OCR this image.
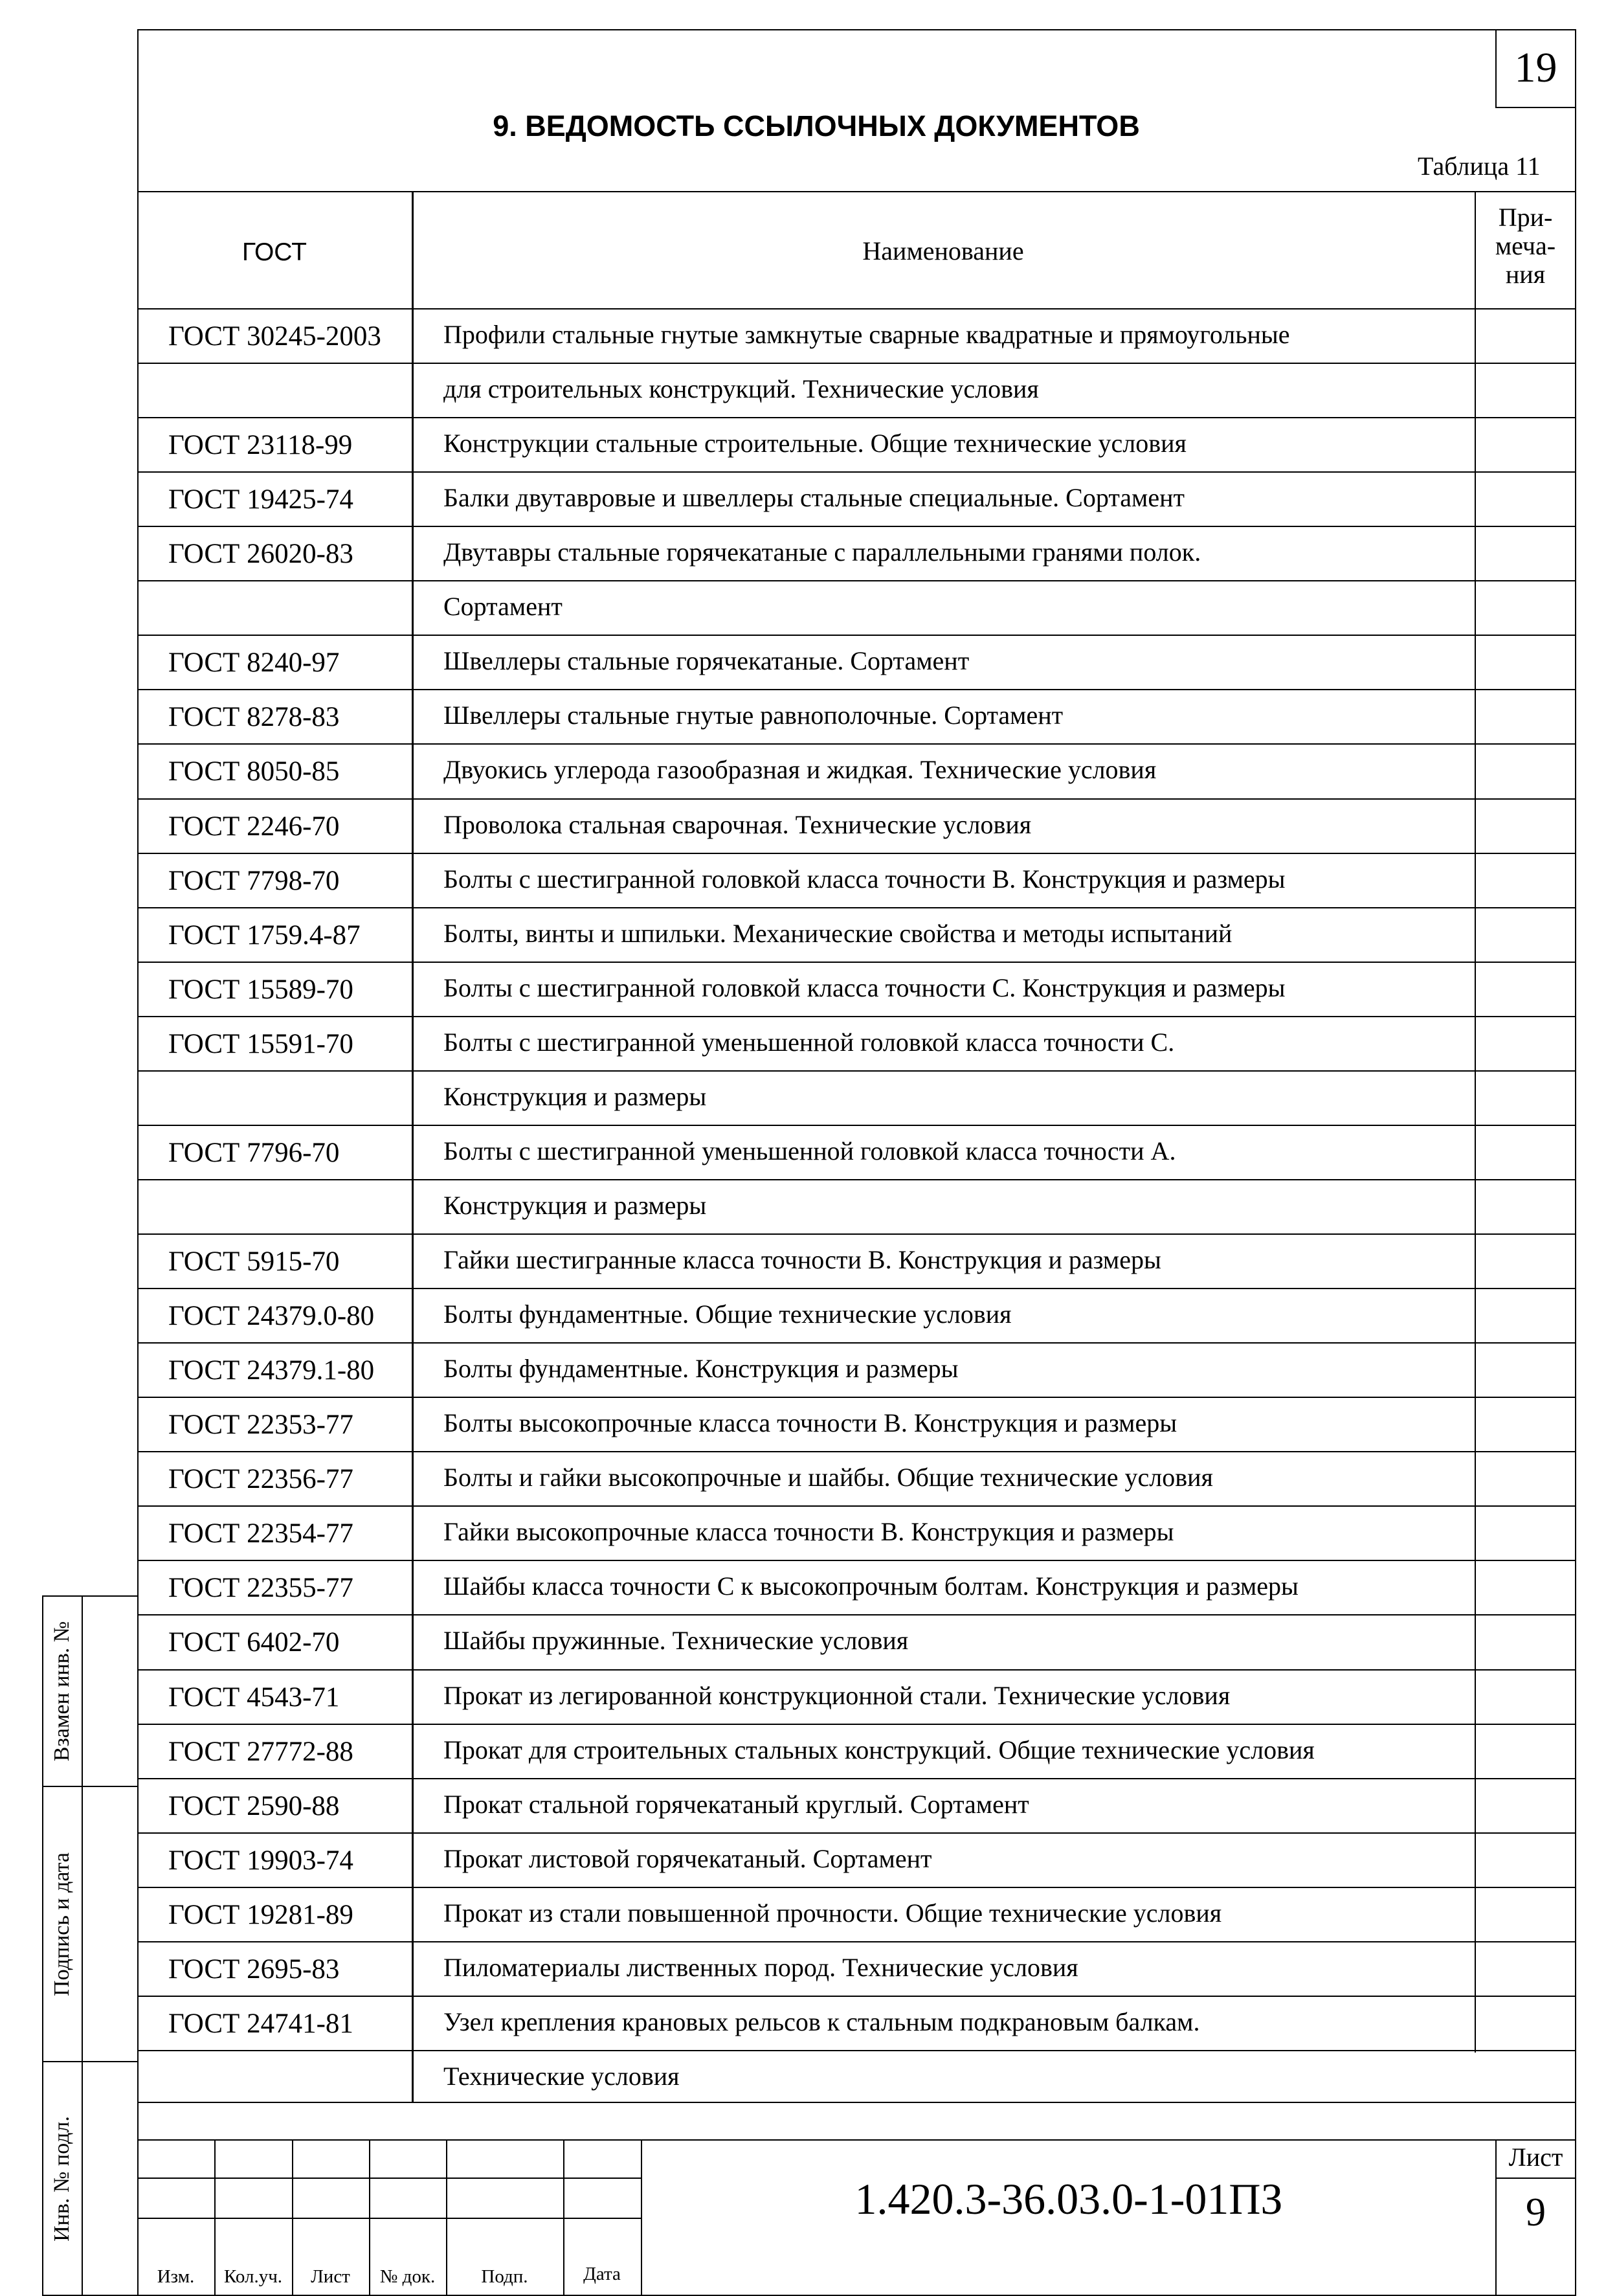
19
9. ВЕДОМОСТЬ ССЫЛОЧНЫХ ДОКУМЕНТОВ
Таблица 11
ГОСТ	Наименование
При-
меча-
ния
ГОСТ 30245-2003 Профили стальные гнутые замкнутые сварные квадратные и прямоугольные
для строительных конструкций. Технические условия
ГОСТ 23118-99	Конструкции стальные строительные. Общие технические условия
ГОСТ 19425-74	Балки двутавровые и швеллеры стальные специальные. Сортамент
ГОСТ 26020-83	Двутавры стальные горячекатаные с параллельными гранями полок.
Сортамент
ГОСТ 8240-97	Швеллеры стальные горячекатаные. Сортамент
ГОСТ 8278-83	Швеллеры стальные гнутые равнополочные. Сортамент
ГОСТ 8050-85	Двуокись углерода газообразная и жидкая. Технические условия
ГОСТ 2246-70	Проволока стальная сварочная. Технические условия
ГОСТ 7798-70	Болты с шестигранной головкой класса точности В. Конструкция и размеры
ГОСТ 1759.4-87	Болты, винты и шпильки. Механические свойства и методы испытаний
ГОСТ 15589-70	Болты с шестигранной головкой класса точности С. Конструкция и размеры
ГОСТ 15591-70	Болты с шестигранной уменьшенной головкой класса точности С.
Конструкция и размеры
ГОСТ 7796-70	Болты с шестигранной уменьшенной головкой класса точности А.
Конструкция и размеры
ГОСТ 5915-70	Гайки шестигранные класса точности В. Конструкция и размеры
ГОСТ 24379.0-80	Болты фундаментные. Общие технические условия
ГОСТ 24379.1-80	Болты фундаментные. Конструкция и размеры
ГОСТ 22353-77	Болты высокопрочные класса точности В. Конструкция и размеры
ГОСТ 22356-77	Болты и гайки высокопрочные и шайбы. Общие технические условия
ГОСТ 22354-77	Гайки высокопрочные класса точности В. Конструкция и размеры
ГОСТ 22355-77	Шайбы класса точности С к высокопрочным болтам. Конструкция и размеры
ГОСТ 6402-70	Шайбы пружинные. Технические условия
ГОСТ 4543-71	Прокат из легированной конструкционной стали. Технические условия
ГОСТ 27772-88	Прокат для строительных стальных конструкций. Общие технические условия
ГОСТ 2590-88	Прокат стальной горячекатаный круглый. Сортамент
ГОСТ 19903-74	Прокат листовой горячекатаный. Сортамент
ГОСТ 19281-89	Прокат из стали повышенной прочности. Общие технические условия
ГОСТ 2695-83	Пиломатериалы лиственных пород. Технические условия
ГОСТ 24741-81	Узел крепления крановых рельсов к стальным подкрановым балкам.
Технические условия
Взамен инв. №
Подпись и дата
Инв. № подл.
Изм.	Кол.уч.	Лист	№ док.	Подп.	Дата
1.420.3-36.03.0-1-01ПЗ
Лист
9
